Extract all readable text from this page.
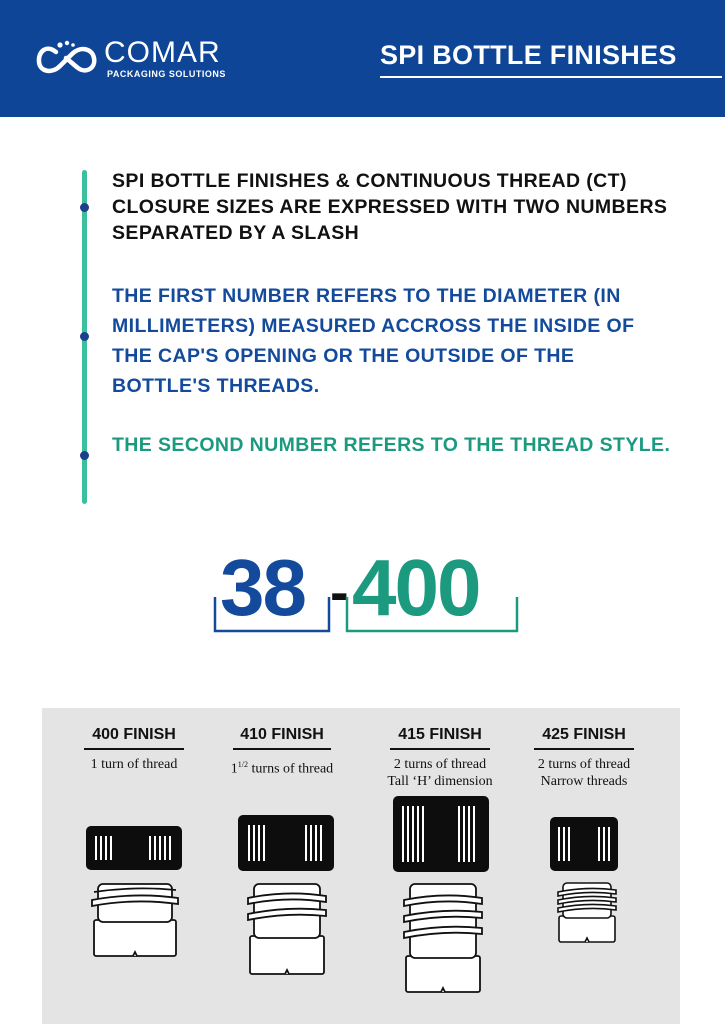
COMAR
PACKAGING SOLUTIONS
SPI BOTTLE FINISHES
SPI BOTTLE FINISHES & CONTINUOUS THREAD (CT) CLOSURE SIZES ARE EXPRESSED WITH TWO NUMBERS SEPARATED BY A SLASH
THE FIRST NUMBER REFERS TO THE DIAMETER (IN MILLIMETERS) MEASURED ACCROSS THE INSIDE OF THE CAP'S OPENING OR THE OUTSIDE OF THE BOTTLE'S THREADS.
THE SECOND NUMBER REFERS TO THE THREAD STYLE.
38 - 400
400 FINISH
1 turn of thread
410 FINISH
$1^{1/2}$ turns of thread
415 FINISH
2 turns of thread
Tall ‘H’ dimension
425 FINISH
2 turns of thread
Narrow threads
